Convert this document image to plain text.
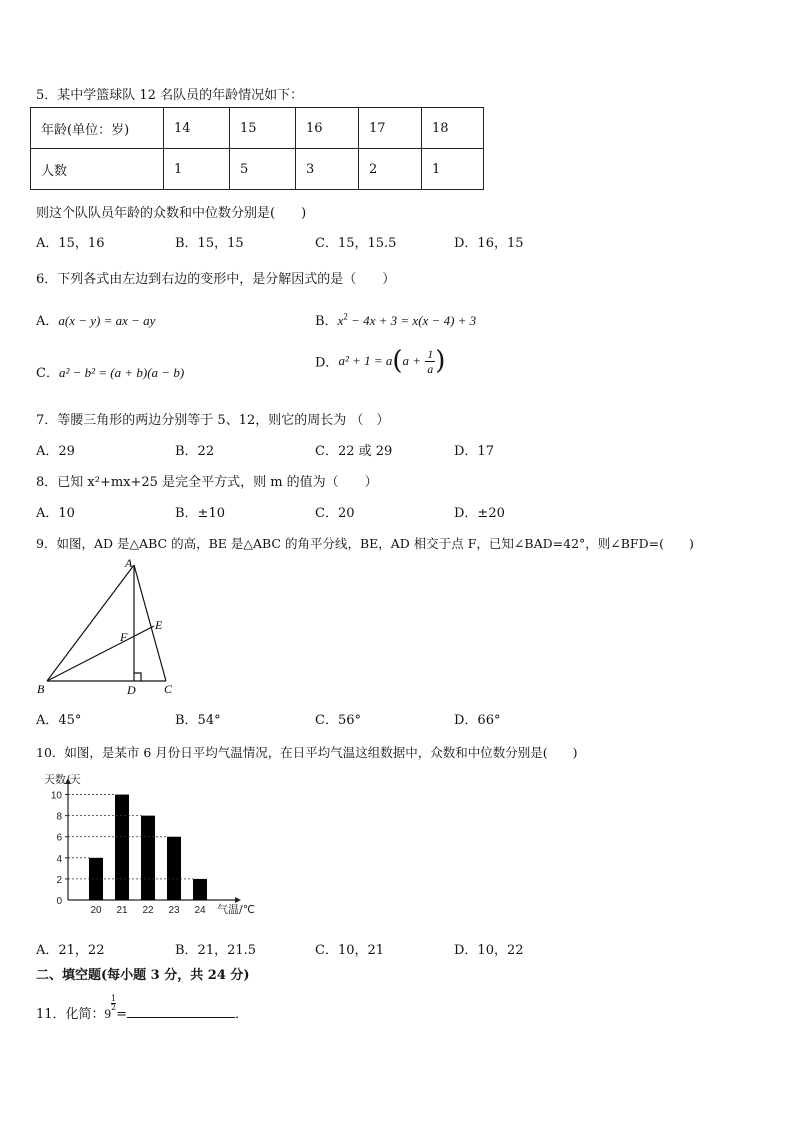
5．某中学篮球队 12 名队员的年龄情况如下：
年龄(单位：岁)	14	15	16	17	18
人数	1	5	3	2	1
则这个队队员年龄的众数和中位数分别是(　　)
A．15，16	B．15，15	C．15，15.5	D．16，15
6．下列各式由左边到右边的变形中，是分解因式的是（　　）
A．a(x − y) = ax − ay	B．$x^2 - 4x + 3 = x(x - 4) + 3$
C．a² − b² = (a + b)(a − b)
D．$a^2 + 1 = a(a + \frac{1}{a}$ )
7．等腰三角形的两边分别等于 5、12，则它的周长为 （　）
A．29	B．22	C．22 或 29	D．17
8．已知 x²+mx+25 是完全平方式，则 m 的值为（　　）
A．10	B．±10	C．20	D．±20
9．如图，AD 是△ABC 的高，BE 是△ABC 的角平分线，BE，AD 相交于点 F，已知∠BAD=42°，则∠BFD=(　　)
A
B	C
D
E
F
A．45°	B．54°	C．56°	D．66°
10．如图，是某市 6 月份日平均气温情况，在日平均气温这组数据中，众数和中位数分别是(　　)
0
2
4
6
8
10
20 21 22 23 24
天数/天
气温/℃
A．21，22	B．21，21.5	C．10，21	D．10，22
二、填空题(每小题 3 分，共 24 分)
11．化简：9
$\frac{1}{2}$
=	．
